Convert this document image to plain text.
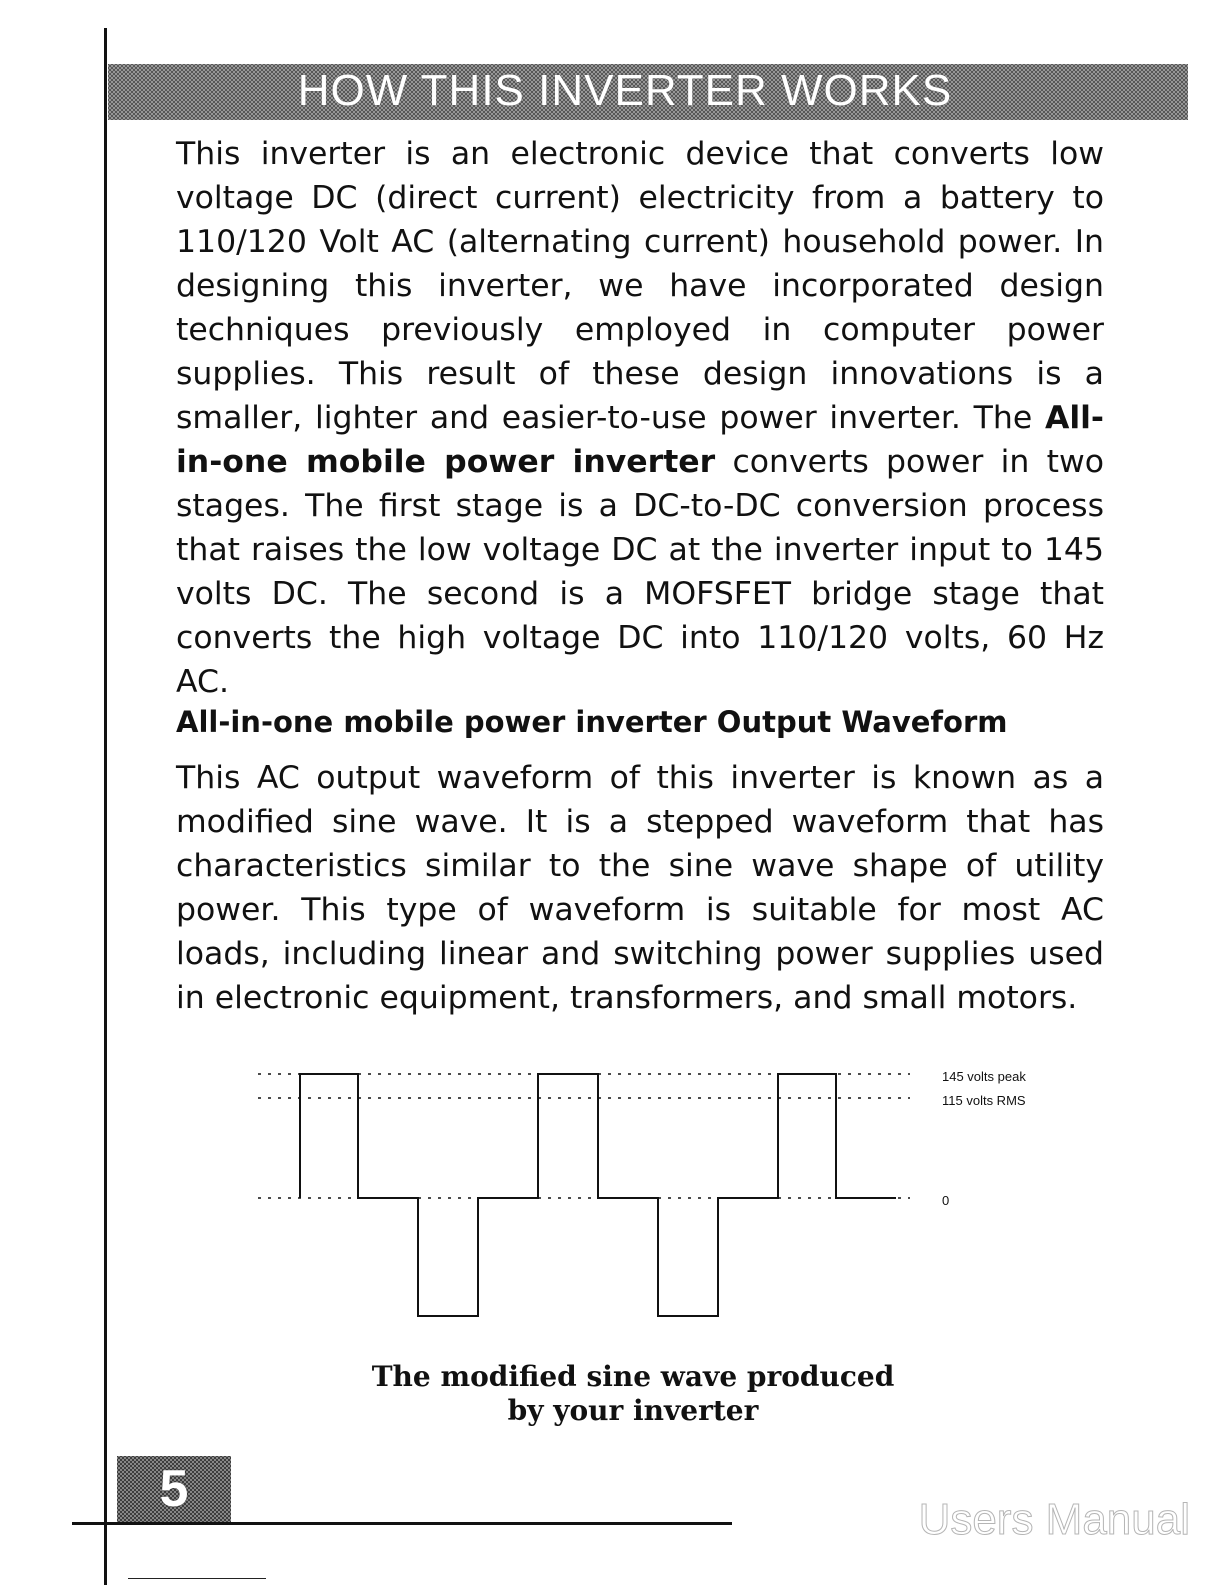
HOW THIS INVERTER WORKS

This inverter is an electronic device that converts low voltage DC (direct current) electricity from a battery to 110/120 Volt AC (alternating current) household power. In designing this inverter, we have incorporated design techniques previously employed in computer power supplies. This result of these design innovations is a smaller, lighter and easier-to-use power inverter. The All-in-one mobile power inverter converts power in two stages. The first stage is a DC-to-DC conversion process that raises the low voltage DC at the inverter input to 145 volts DC. The second is a MOFSFET bridge stage that converts the high voltage DC into 110/120 volts, 60 Hz AC.

All-in-one mobile power inverter Output Waveform

This AC output waveform of this inverter is known as a modified sine wave. It is a stepped waveform that has characteristics similar to the sine wave shape of utility power. This type of waveform is suitable for most AC loads, including linear and switching power supplies used in electronic equipment, transformers, and small motors.

145 volts peak
115 volts RMS
0

The modified sine wave produced
by your inverter

5

Users Manual
